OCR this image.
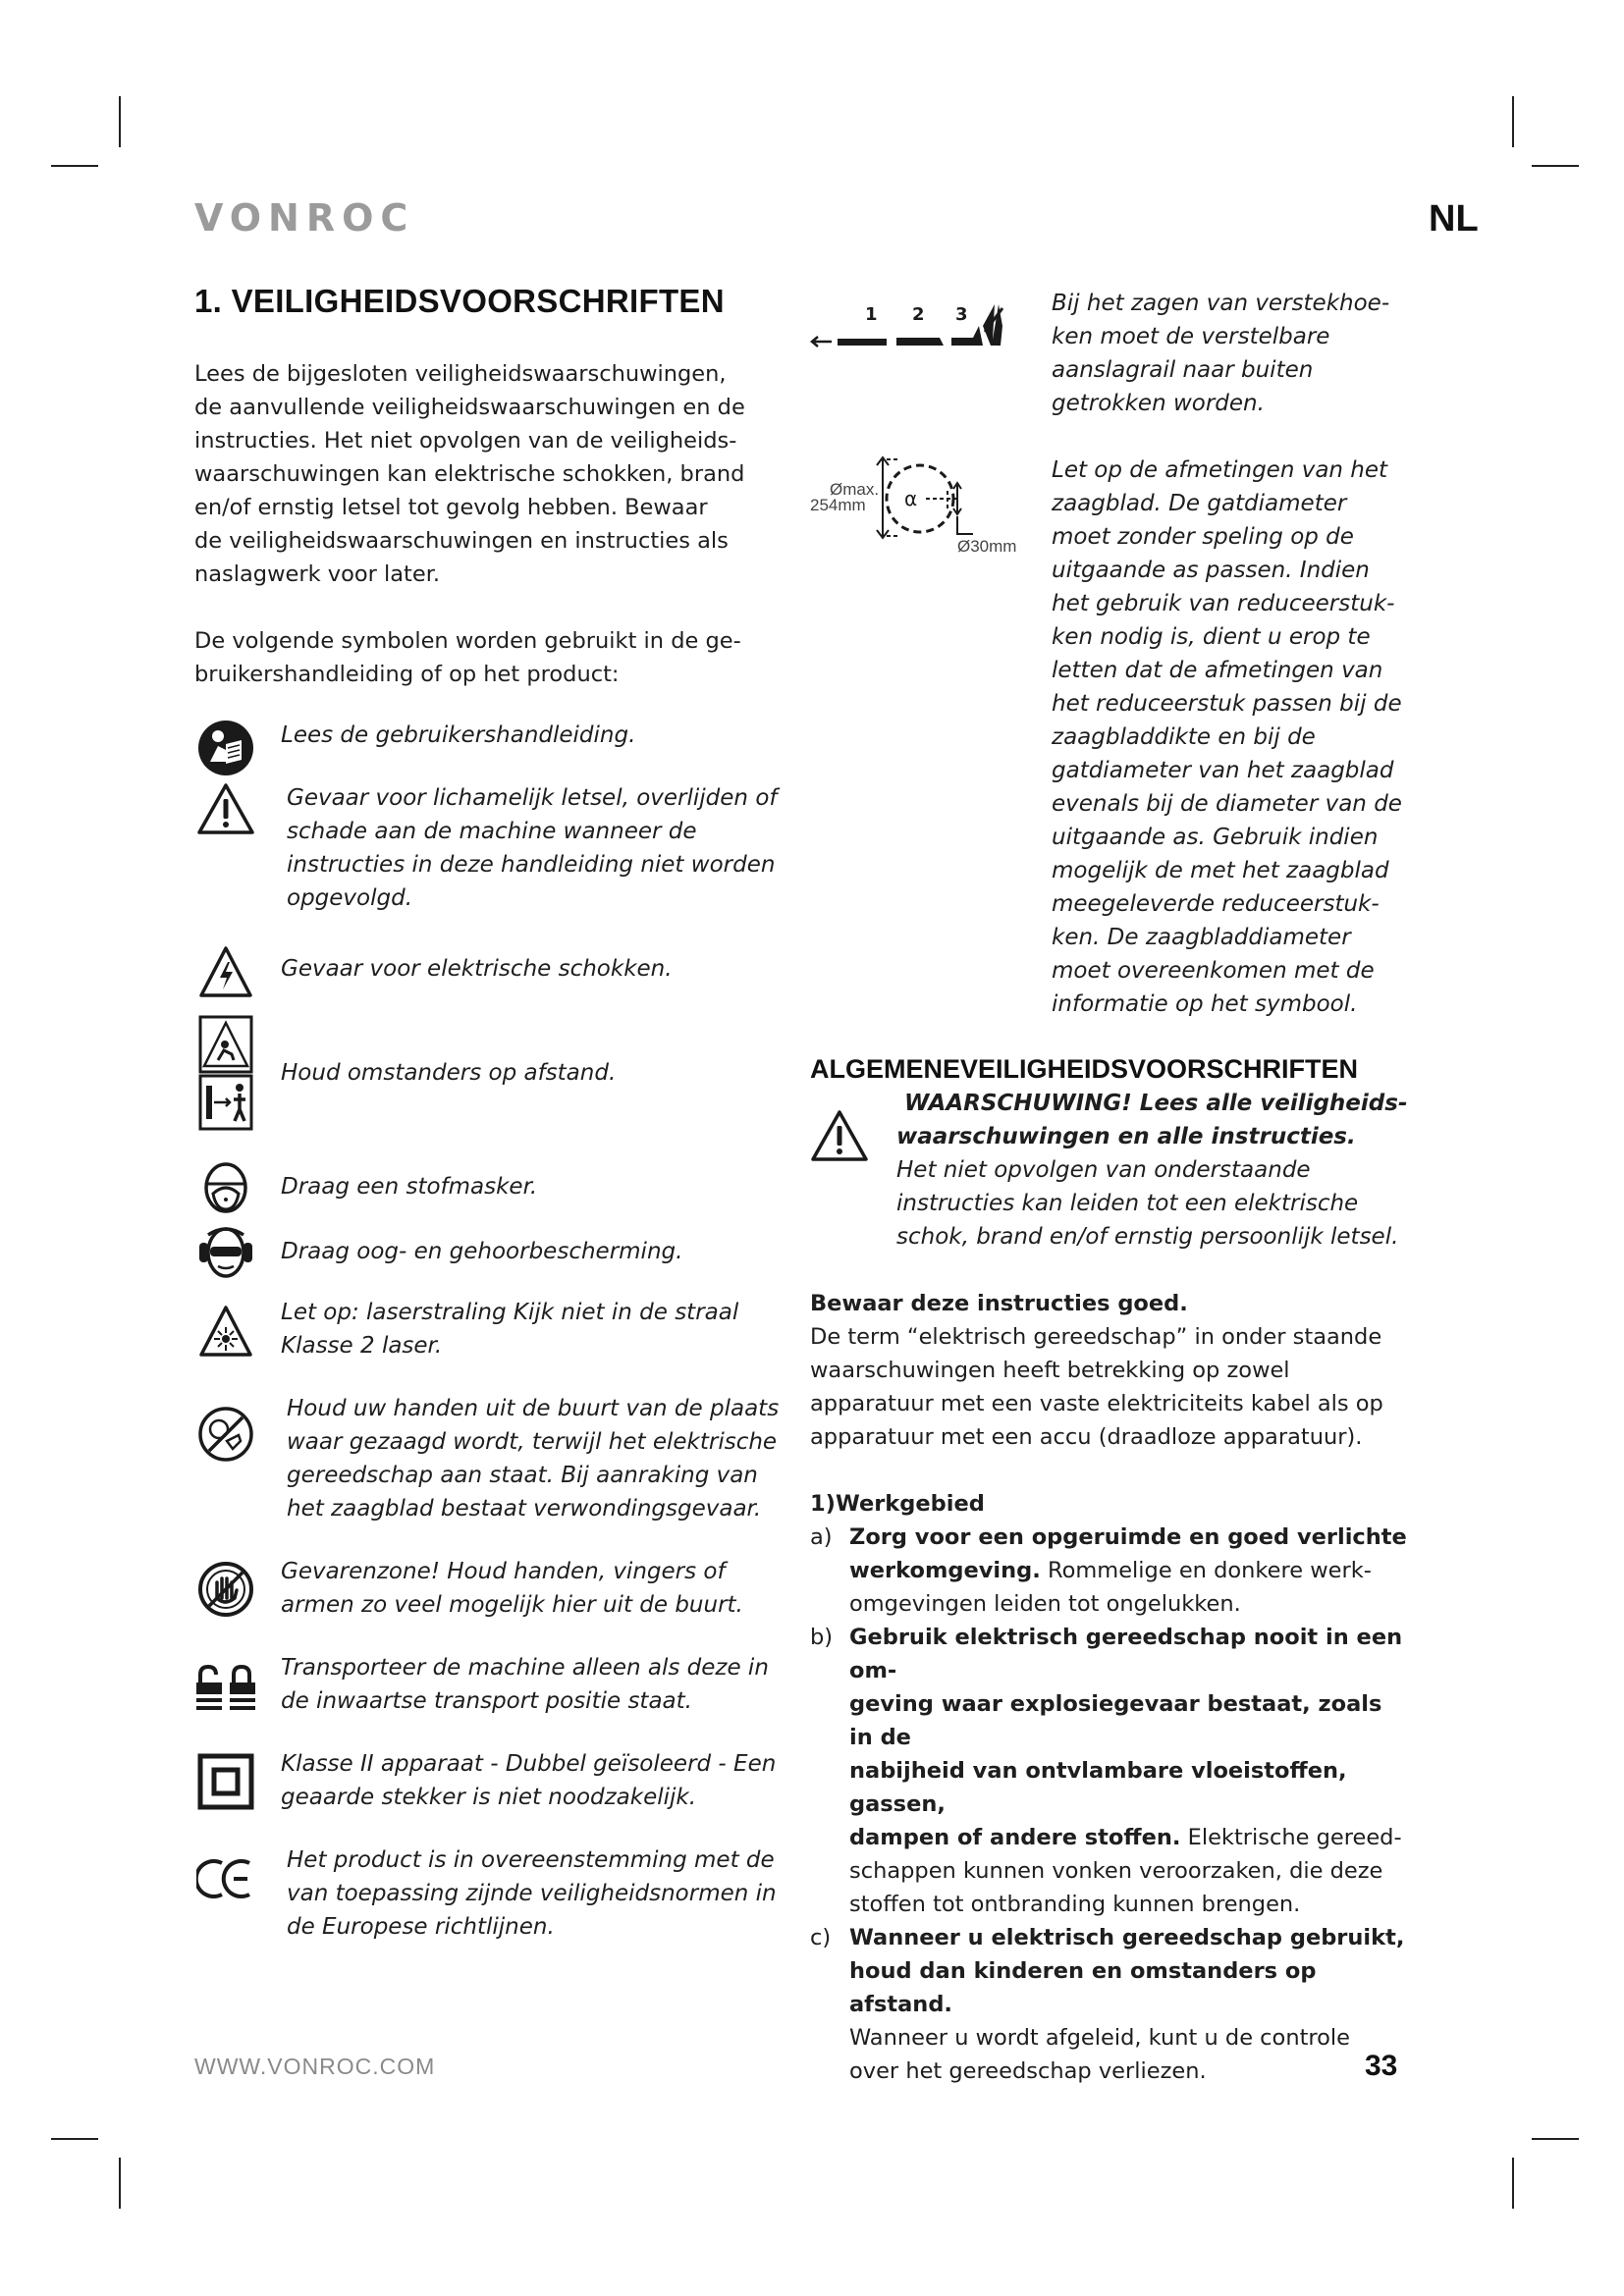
VONROC	NL
1. VEILIGHEIDSVOORSCHRIFTEN
Lees de bijgesloten veiligheidswaarschuwingen,
de aanvullende veiligheidswaarschuwingen en de
instructies. Het niet opvolgen van de veiligheids-
waarschuwingen kan elektrische schokken, brand
en/of ernstig letsel tot gevolg hebben. Bewaar
de veiligheidswaarschuwingen en instructies als
naslagwerk voor later.
De volgende symbolen worden gebruikt in de ge-
bruikershandleiding of op het product:
Lees de gebruikershandleiding.
Gevaar voor lichamelijk letsel, overlijden of
schade aan de machine wanneer de
instructies in deze handleiding niet worden
opgevolgd.
Gevaar voor elektrische schokken.
Houd omstanders op afstand.
Draag een stofmasker.
Draag oog- en gehoorbescherming.
Let op: laserstraling Kijk niet in de straal
Klasse 2 laser.
Houd uw handen uit de buurt van de plaats
waar gezaagd wordt, terwijl het elektrische
gereedschap aan staat. Bij aanraking van
het zaagblad bestaat verwondingsgevaar.
Gevarenzone! Houd handen, vingers of
armen zo veel mogelijk hier uit de buurt.
Transporteer de machine alleen als deze in
de inwaartse transport positie staat.
Klasse II apparaat - Dubbel geïsoleerd - Een
geaarde stekker is niet noodzakelijk.
Het product is in overeenstemming met de
van toepassing zijnde veiligheidsnormen in
de Europese richtlijnen.
1 2 3	Bij het zagen van verstekhoe-
ken moet de verstelbare
aanslagrail naar buiten
getrokken worden.
Ømax.
254mm α
Ø30mm
Let op de afmetingen van het
zaagblad. De gatdiameter
moet zonder speling op de
uitgaande as passen. Indien
het gebruik van reduceerstuk-
ken nodig is, dient u erop te
letten dat de afmetingen van
het reduceerstuk passen bij de
zaagbladdikte en bij de
gatdiameter van het zaagblad
evenals bij de diameter van de
uitgaande as. Gebruik indien
mogelijk de met het zaagblad
meegeleverde reduceerstuk-
ken. De zaagbladdiameter
moet overeenkomen met de
informatie op het symbool.
ALGEMENEVEILIGHEIDSVOORSCHRIFTEN
WAARSCHUWING! Lees alle veiligheids-
waarschuwingen en alle instructies.
Het niet opvolgen van onderstaande
instructies kan leiden tot een elektrische
schok, brand en/of ernstig persoonlijk letsel.
Bewaar deze instructies goed.
De term “elektrisch gereedschap” in onder staande
waarschuwingen heeft betrekking op zowel
apparatuur met een vaste elektriciteits kabel als op
apparatuur met een accu (draadloze apparatuur).
1)Werkgebied
a) Zorg voor een opgeruimde en goed verlichte
werkomgeving. Rommelige en donkere werk-
omgevingen leiden tot ongelukken.
b) Gebruik elektrisch gereedschap nooit in een om-
geving waar explosiegevaar bestaat, zoals in de
nabijheid van ontvlambare vloeistoffen, gassen,
dampen of andere stoffen. Elektrische gereed-
schappen kunnen vonken veroorzaken, die deze
stoffen tot ontbranding kunnen brengen.
c) Wanneer u elektrisch gereedschap gebruikt,
houd dan kinderen en omstanders op afstand.
Wanneer u wordt afgeleid, kunt u de controle
over het gereedschap verliezen.
WWW.VONROC.COM	33
